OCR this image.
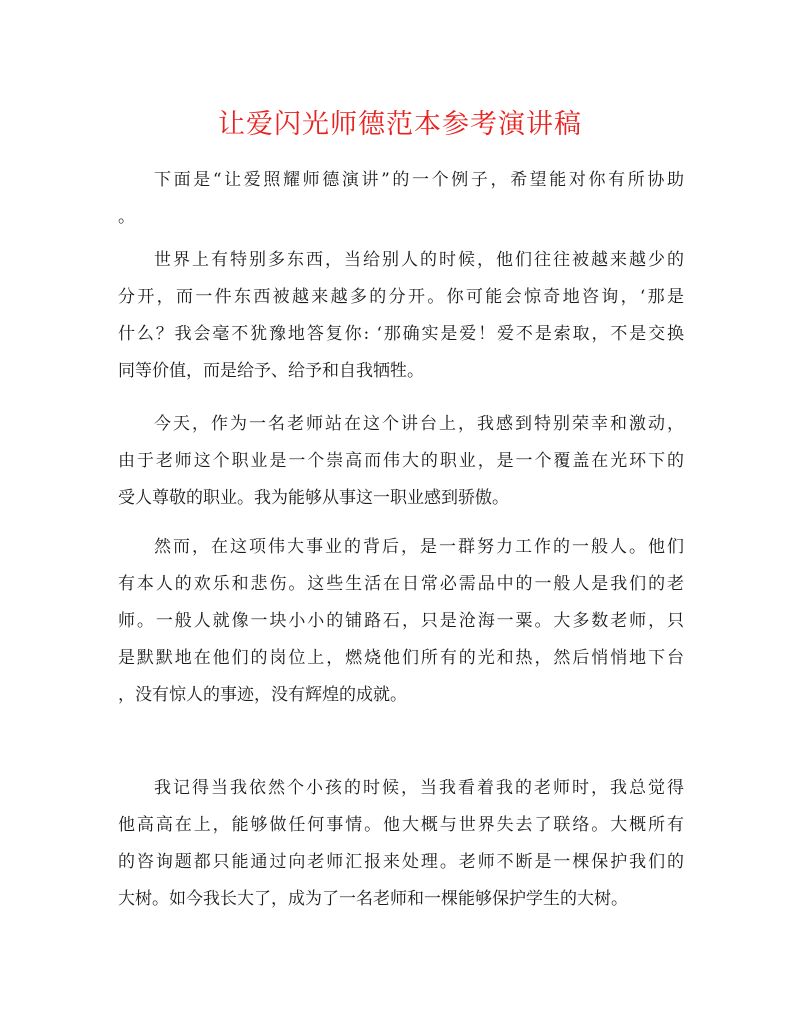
让爱闪光师德范本参考演讲稿
下面是“让爱照耀师德演讲”的一个例子，希望能对你有所协助
。
世界上有特别多东西，当给别人的时候，他们往往被越来越少的
分开，而一件东西被越来越多的分开。你可能会惊奇地咨询，‘那是
什么？我会毫不犹豫地答复你: ‘那确实是爱！爱不是索取，不是交换
同等价值，而是给予、给予和自我牺牲。
今天，作为一名老师站在这个讲台上，我感到特别荣幸和激动，
由于老师这个职业是一个崇高而伟大的职业，是一个覆盖在光环下的
受人尊敬的职业。我为能够从事这一职业感到骄傲。
然而，在这项伟大事业的背后，是一群努力工作的一般人。他们
有本人的欢乐和悲伤。这些生活在日常必需品中的一般人是我们的老
师。一般人就像一块小小的铺路石，只是沧海一粟。大多数老师，只
是默默地在他们的岗位上，燃烧他们所有的光和热，然后悄悄地下台
，没有惊人的事迹，没有辉煌的成就。
我记得当我依然个小孩的时候，当我看着我的老师时，我总觉得
他高高在上，能够做任何事情。他大概与世界失去了联络。大概所有
的咨询题都只能通过向老师汇报来处理。老师不断是一棵保护我们的
大树。如今我长大了，成为了一名老师和一棵能够保护学生的大树。
